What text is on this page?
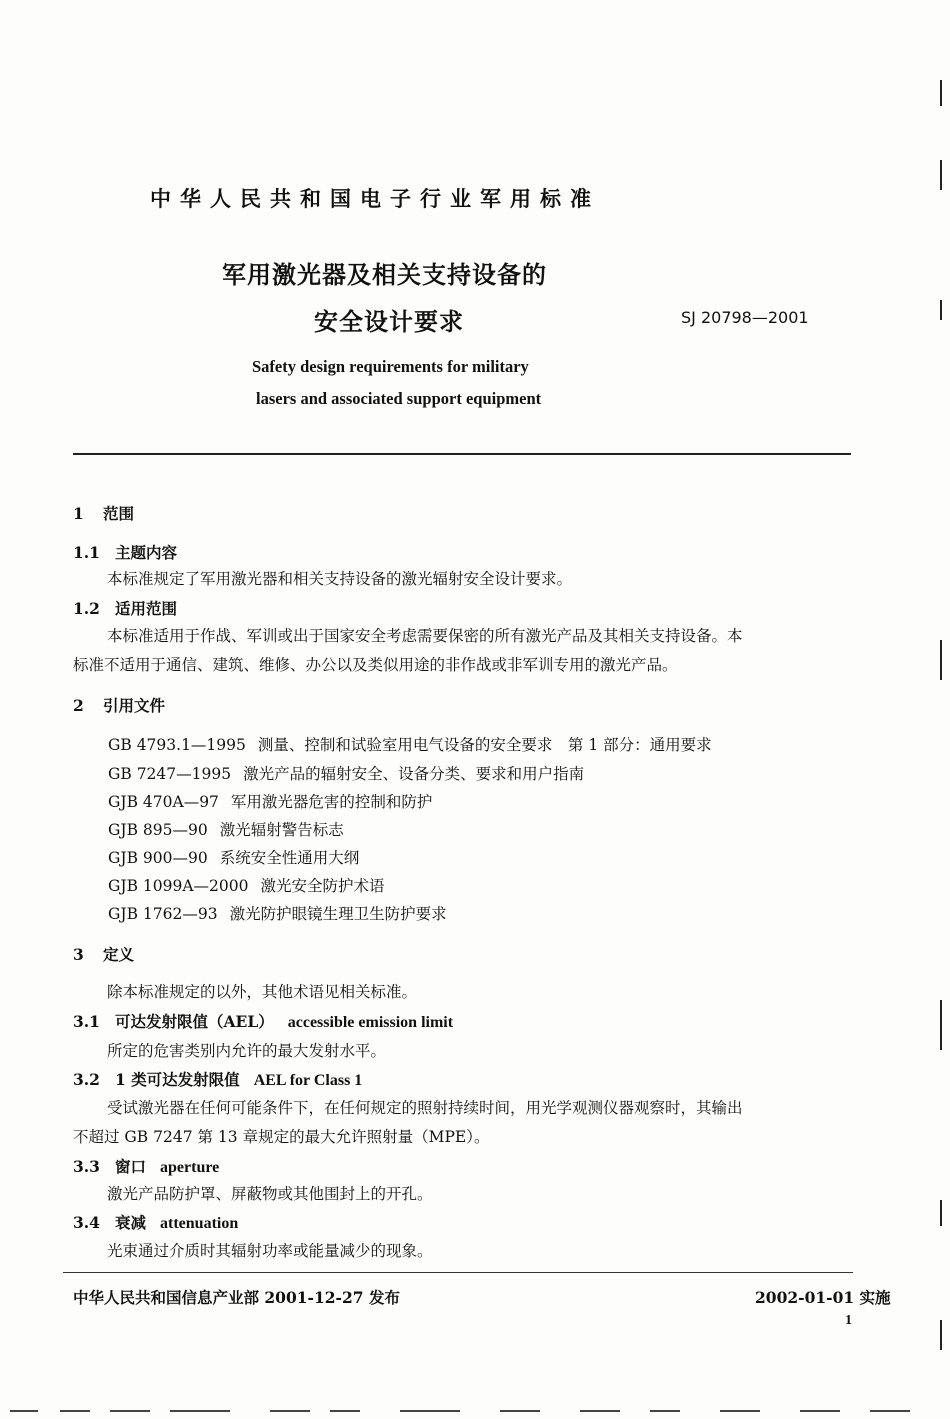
中华人民共和国电子行业军用标准
军用激光器及相关支持设备的
安全设计要求	SJ 20798—2001
Safety design requirements for military
lasers and associated support equipment
1 范围
1.1 主题内容
本标准规定了军用激光器和相关支持设备的激光辐射安全设计要求。
1.2 适用范围
本标准适用于作战、军训或出于国家安全考虑需要保密的所有激光产品及其相关支持设备。本
标准不适用于通信、建筑、维修、办公以及类似用途的非作战或非军训专用的激光产品。
2 引用文件
GB 4793.1—1995 测量、控制和试验室用电气设备的安全要求　第 1 部分：通用要求
GB 7247—1995 激光产品的辐射安全、设备分类、要求和用户指南
GJB 470A—97 军用激光器危害的控制和防护
GJB 895—90 激光辐射警告标志
GJB 900—90 系统安全性通用大纲
GJB 1099A—2000 激光安全防护术语
GJB 1762—93 激光防护眼镜生理卫生防护要求
3 定义
除本标准规定的以外，其他术语见相关标准。
3.1 可达发射限值（AEL） accessible emission limit
所定的危害类别内允许的最大发射水平。
3.2 1 类可达发射限值 AEL for Class 1
受试激光器在任何可能条件下，在任何规定的照射持续时间，用光学观测仪器观察时，其输出
不超过 GB 7247 第 13 章规定的最大允许照射量（MPE）。
3.3 窗口 aperture
激光产品防护罩、屏蔽物或其他围封上的开孔。
3.4 衰减 attenuation
光束通过介质时其辐射功率或能量减少的现象。
中华人民共和国信息产业部 2001-12-27 发布	2002-01-01 实施
1
